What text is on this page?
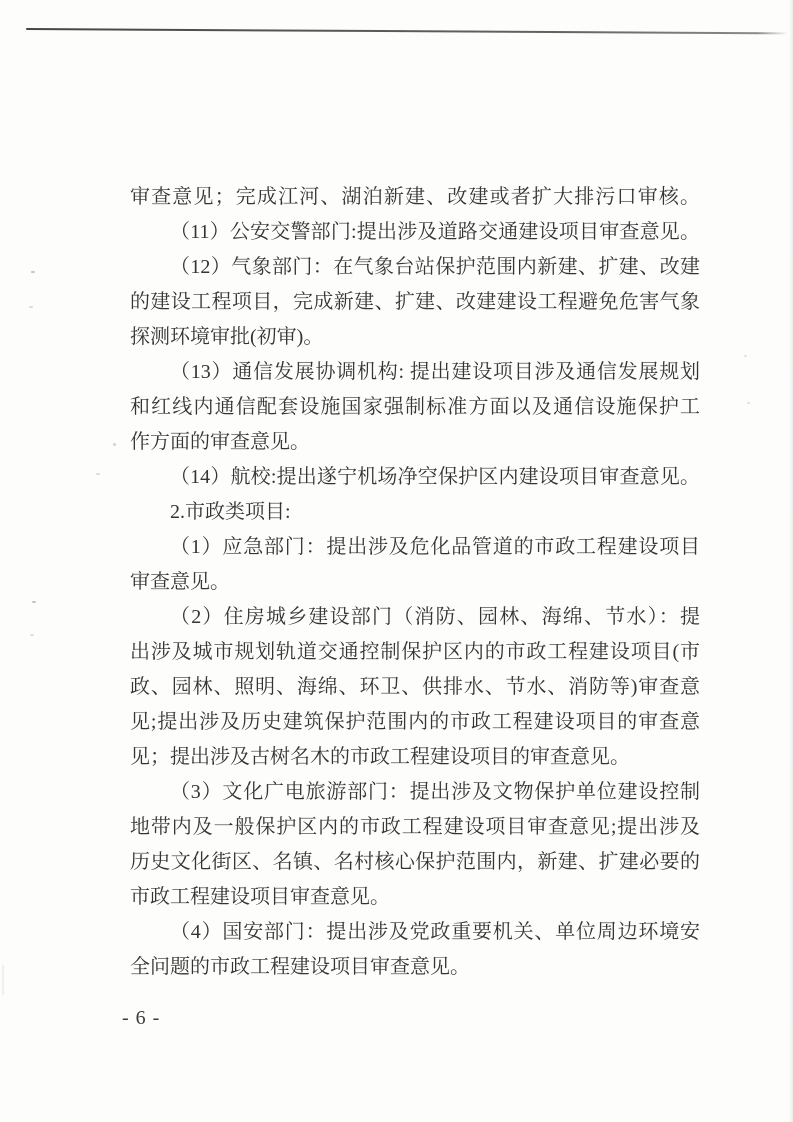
审查意见；完成江河、湖泊新建、改建或者扩大排污口审核。
（11）公安交警部门:提出涉及道路交通建设项目审查意见。
（12）气象部门：在气象台站保护范围内新建、扩建、改建
的建设工程项目，完成新建、扩建、改建建设工程避免危害气象
探测环境审批(初审)。
（13）通信发展协调机构: 提出建设项目涉及通信发展规划
和红线内通信配套设施国家强制标准方面以及通信设施保护工
作方面的审查意见。
（14）航校:提出遂宁机场净空保护区内建设项目审查意见。
2.市政类项目:
（1）应急部门：提出涉及危化品管道的市政工程建设项目
审查意见。
（2）住房城乡建设部门（消防、园林、海绵、节水）：提
出涉及城市规划轨道交通控制保护区内的市政工程建设项目(市
政、园林、照明、海绵、环卫、供排水、节水、消防等)审查意
见;提出涉及历史建筑保护范围内的市政工程建设项目的审查意
见；提出涉及古树名木的市政工程建设项目的审查意见。
（3）文化广电旅游部门：提出涉及文物保护单位建设控制
地带内及一般保护区内的市政工程建设项目审查意见;提出涉及
历史文化街区、名镇、名村核心保护范围内，新建、扩建必要的
市政工程建设项目审查意见。
（4）国安部门：提出涉及党政重要机关、单位周边环境安
全问题的市政工程建设项目审查意见。
- 6 -
